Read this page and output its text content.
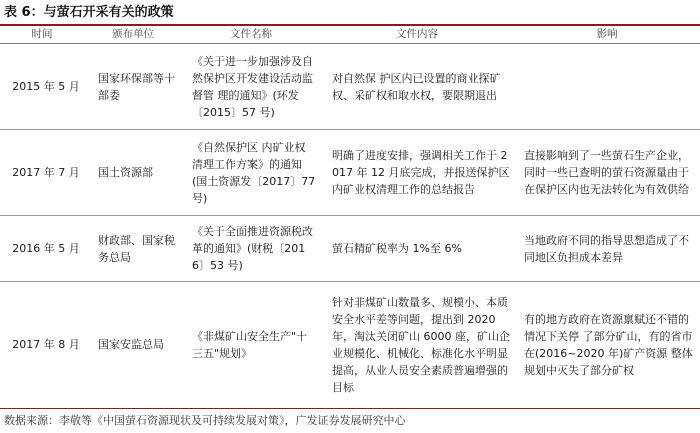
表 6：与萤石开采有关的政策
时间	颁布单位	文件名称	文件内容	影响

2015 年 5 月	国家环保部等十部委	《关于进一步加强涉及自然保护区开发建设活动监督管 理的通知》(环发〔2015〕57 号)	对自然保 护区内已设置的商业探矿权、采矿权和取水权，要限期退出	

2017 年 7 月	国土资源部	《自然保护区 内矿业权清理工作方案》的通知(国土资源发〔2017〕77 号)	明确了进度安排，强调相关工作于 2017 年 12 月底完成，并报送保护区内矿业权清理工作的总结报告	直接影响到了一些萤石生产企业，同时一些已查明的萤石资源量由于在保护区内也无法转化为有效供给

2016 年 5 月	财政部、国家税务总局	《关于全面推进资源税改革的通知》(财税〔2016〕53 号)	萤石精矿税率为 1%至 6%	当地政府不同的指导思想造成了不同地区负担成本差异

2017 年 8 月	国家安监总局	《非煤矿山安全生产"十三五"规划》	针对非煤矿山数量多、规模小、本质安全水平差等问题，提出到 2020 年，淘汰关闭矿山 6000 座，矿山企业规模化、机械化、标准化水平明显提高，从业人员安全素质普遍增强的目标	有的地方政府在资源禀赋还不错的情况下关停 了部分矿山，有的省市在(2016~2020 年)矿产资源 整体规划中灭失了部分矿权
数据来源：李敬等《中国萤石资源现状及可持续发展对策》，广发证券发展研究中心
